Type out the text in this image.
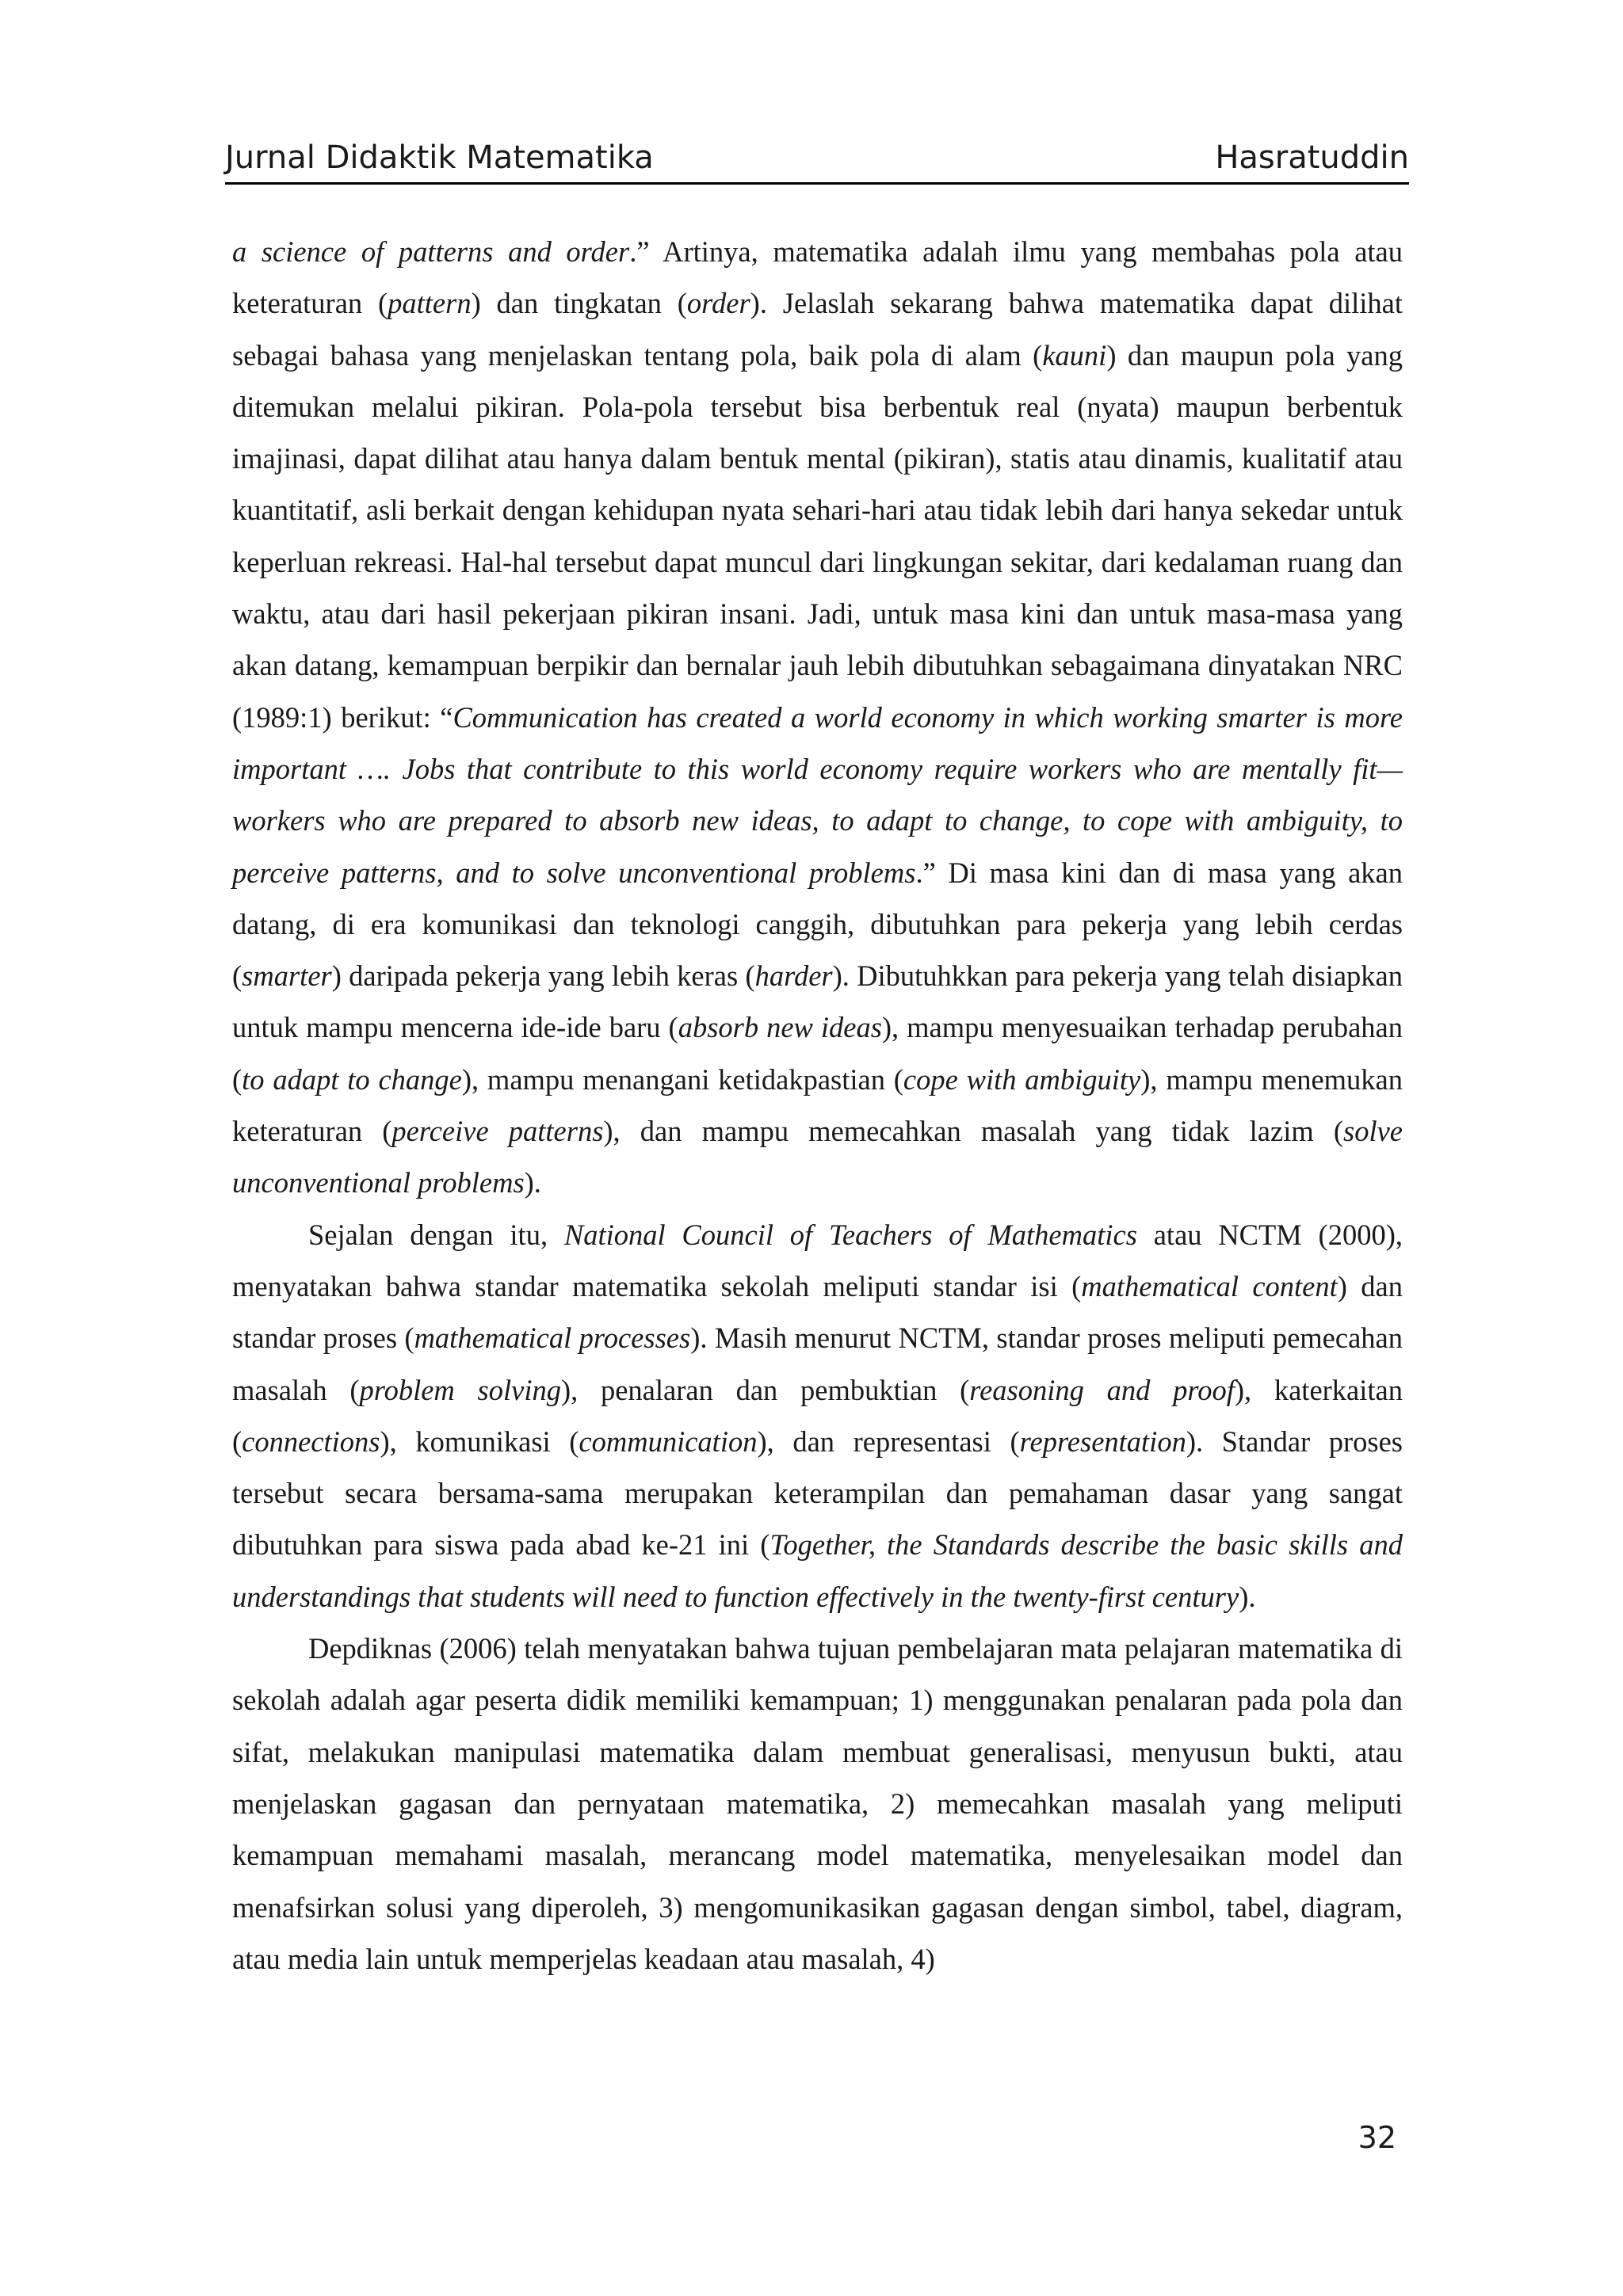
Jurnal Didaktik Matematika	Hasratuddin

a science of patterns and order.” Artinya, matematika adalah ilmu yang membahas pola atau keteraturan (pattern) dan tingkatan (order). Jelaslah sekarang bahwa matematika dapat dilihat sebagai bahasa yang menjelaskan tentang pola, baik pola di alam (kauni) dan maupun pola yang ditemukan melalui pikiran. Pola-pola tersebut bisa berbentuk real (nyata) maupun berbentuk imajinasi, dapat dilihat atau hanya dalam bentuk mental (pikiran), statis atau dinamis, kualitatif atau kuantitatif, asli berkait dengan kehidupan nyata sehari-hari atau tidak lebih dari hanya sekedar untuk keperluan rekreasi. Hal-hal tersebut dapat muncul dari lingkungan sekitar, dari kedalaman ruang dan waktu, atau dari hasil pekerjaan pikiran insani. Jadi, untuk masa kini dan untuk masa-masa yang akan datang, kemampuan berpikir dan bernalar jauh lebih dibutuhkan sebagaimana dinyatakan NRC (1989:1) berikut: “Communication has created a world economy in which working smarter is more important …. Jobs that contribute to this world economy require workers who are mentally fit—workers who are prepared to absorb new ideas, to adapt to change, to cope with ambiguity, to perceive patterns, and to solve unconventional problems.” Di masa kini dan di masa yang akan datang, di era komunikasi dan teknologi canggih, dibutuhkan para pekerja yang lebih cerdas (smarter) daripada pekerja yang lebih keras (harder). Dibutuhkkan para pekerja yang telah disiapkan untuk mampu mencerna ide-ide baru (absorb new ideas), mampu menyesuaikan terhadap perubahan (to adapt to change), mampu menangani ketidakpastian (cope with ambiguity), mampu menemukan keteraturan (perceive patterns), dan mampu memecahkan masalah yang tidak lazim (solve unconventional problems).

Sejalan dengan itu, National Council of Teachers of Mathematics atau NCTM (2000), menyatakan bahwa standar matematika sekolah meliputi standar isi (mathematical content) dan standar proses (mathematical processes). Masih menurut NCTM, standar proses meliputi pemecahan masalah (problem solving), penalaran dan pembuktian (reasoning and proof), katerkaitan (connections), komunikasi (communication), dan representasi (representation). Standar proses tersebut secara bersama-sama merupakan keterampilan dan pemahaman dasar yang sangat dibutuhkan para siswa pada abad ke-21 ini (Together, the Standards describe the basic skills and understandings that students will need to function effectively in the twenty-first century).

Depdiknas (2006) telah menyatakan bahwa tujuan pembelajaran mata pelajaran matematika di sekolah adalah agar peserta didik memiliki kemampuan; 1) menggunakan penalaran pada pola dan sifat, melakukan manipulasi matematika dalam membuat generalisasi, menyusun bukti, atau menjelaskan gagasan dan pernyataan matematika, 2) memecahkan masalah yang meliputi kemampuan memahami masalah, merancang model matematika, menyelesaikan model dan menafsirkan solusi yang diperoleh, 3) mengomunikasikan gagasan dengan simbol, tabel, diagram, atau media lain untuk memperjelas keadaan atau masalah, 4)

32
